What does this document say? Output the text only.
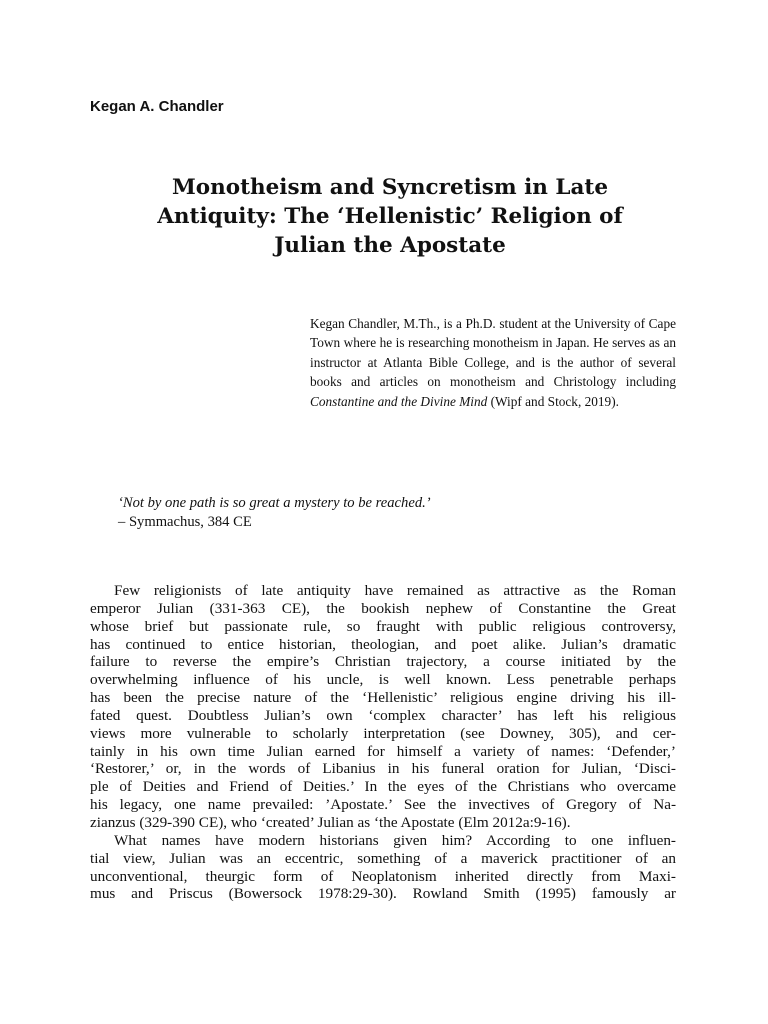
Kegan A. Chandler

Monotheism and Syncretism in Late
Antiquity: The ‘Hellenistic’ Religion of
Julian the Apostate

Kegan Chandler, M.Th., is a Ph.D. student at the University of Cape Town where he is researching monotheism in Japan. He serves as an instructor at Atlanta Bible College, and is the author of several books and articles on monotheism and Christology including Constantine and the Divine Mind (Wipf and Stock, 2019).

‘Not by one path is so great a mystery to be reached.’
– Symmachus, 384 CE

Few religionists of late antiquity have remained as attractive as the Roman
emperor Julian (331-363 CE), the bookish nephew of Constantine the Great
whose brief but passionate rule, so fraught with public religious controversy,
has continued to entice historian, theologian, and poet alike. Julian’s dramatic
failure to reverse the empire’s Christian trajectory, a course initiated by the
overwhelming influence of his uncle, is well known. Less penetrable perhaps
has been the precise nature of the ‘Hellenistic’ religious engine driving his ill-
fated quest. Doubtless Julian’s own ‘complex character’ has left his religious
views more vulnerable to scholarly interpretation (see Downey, 305), and cer-
tainly in his own time Julian earned for himself a variety of names: ‘Defender,’
‘Restorer,’ or, in the words of Libanius in his funeral oration for Julian, ‘Disci-
ple of Deities and Friend of Deities.’ In the eyes of the Christians who overcame
his legacy, one name prevailed: ’Apostate.’ See the invectives of Gregory of Na-
zianzus (329-390 CE), who ‘created’ Julian as ‘the Apostate (Elm 2012a:9-16).
What names have modern historians given him? According to one influen-
tial view, Julian was an eccentric, something of a maverick practitioner of an
unconventional, theurgic form of Neoplatonism inherited directly from Maxi-
mus and Priscus (Bowersock 1978:29-30). Rowland Smith (1995) famously ar
